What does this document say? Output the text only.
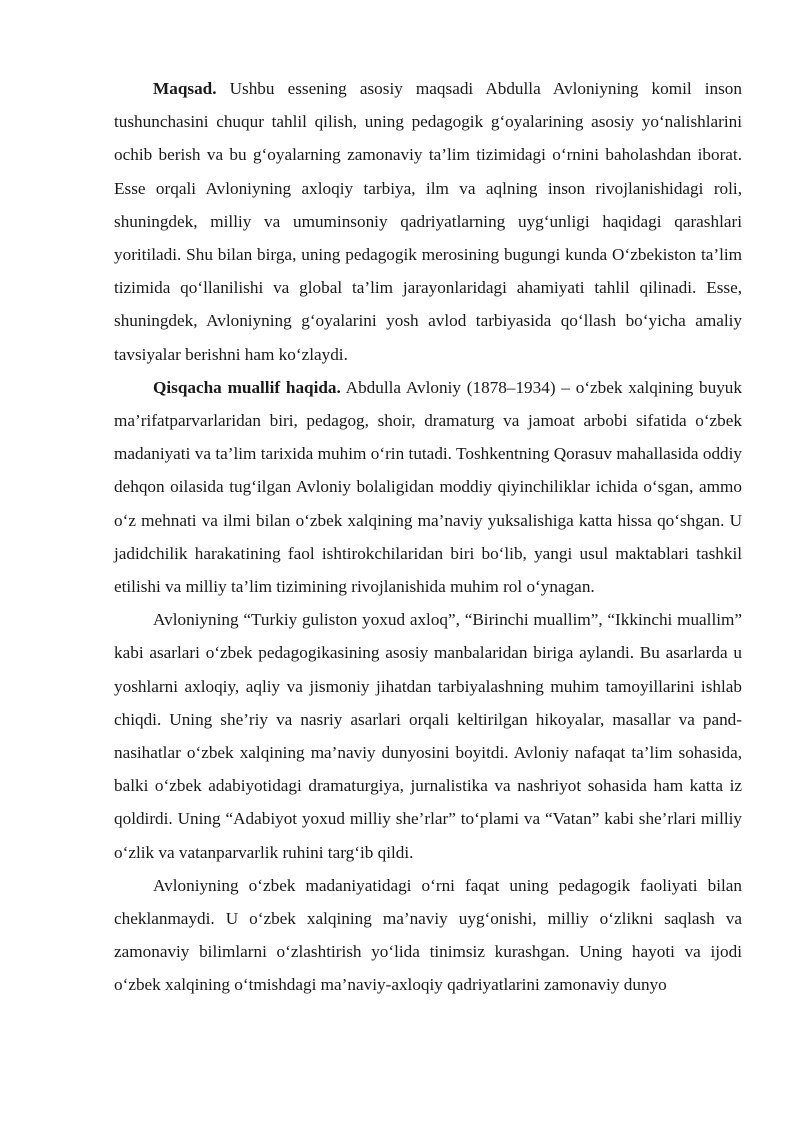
Maqsad. Ushbu essening asosiy maqsadi Abdulla Avloniyning komil inson tushunchasini chuqur tahlil qilish, uning pedagogik g‘oyalarining asosiy yo‘nalishlarini ochib berish va bu g‘oyalarning zamonaviy ta’lim tizimidagi o‘rnini baholashdan iborat. Esse orqali Avloniyning axloqiy tarbiya, ilm va aqlning inson rivojlanishidagi roli, shuningdek, milliy va umuminsoniy qadriyatlarning uyg‘unligi haqidagi qarashlari yoritiladi. Shu bilan birga, uning pedagogik merosining bugungi kunda O‘zbekiston ta’lim tizimida qo‘llanilishi va global ta’lim jarayonlaridagi ahamiyati tahlil qilinadi. Esse, shuningdek, Avloniyning g‘oyalarini yosh avlod tarbiyasida qo‘llash bo‘yicha amaliy tavsiyalar berishni ham ko‘zlaydi.

Qisqacha muallif haqida. Abdulla Avloniy (1878–1934) – o‘zbek xalqining buyuk ma’rifatparvarlaridan biri, pedagog, shoir, dramaturg va jamoat arbobi sifatida o‘zbek madaniyati va ta’lim tarixida muhim o‘rin tutadi. Toshkentning Qorasuv mahallasida oddiy dehqon oilasida tug‘ilgan Avloniy bolaligidan moddiy qiyinchiliklar ichida o‘sgan, ammo o‘z mehnati va ilmi bilan o‘zbek xalqining ma’naviy yuksalishiga katta hissa qo‘shgan. U jadidchilik harakatining faol ishtirokchilaridan biri bo‘lib, yangi usul maktablari tashkil etilishi va milliy ta’lim tizimining rivojlanishida muhim rol o‘ynagan.

Avloniyning “Turkiy guliston yoxud axloq”, “Birinchi muallim”, “Ikkinchi muallim” kabi asarlari o‘zbek pedagogikasining asosiy manbalaridan biriga aylandi. Bu asarlarda u yoshlarni axloqiy, aqliy va jismoniy jihatdan tarbiyalashning muhim tamoyillarini ishlab chiqdi. Uning she’riy va nasriy asarlari orqali keltirilgan hikoyalar, masallar va pand-nasihatlar o‘zbek xalqining ma’naviy dunyosini boyitdi. Avloniy nafaqat ta’lim sohasida, balki o‘zbek adabiyotidagi dramaturgiya, jurnalistika va nashriyot sohasida ham katta iz qoldirdi. Uning “Adabiyot yoxud milliy she’rlar” to‘plami va “Vatan” kabi she’rlari milliy o‘zlik va vatanparvarlik ruhini targ‘ib qildi.

Avloniyning o‘zbek madaniyatidagi o‘rni faqat uning pedagogik faoliyati bilan cheklanmaydi. U o‘zbek xalqining ma’naviy uyg‘onishi, milliy o‘zlikni saqlash va zamonaviy bilimlarni o‘zlashtirish yo‘lida tinimsiz kurashgan. Uning hayoti va ijodi o‘zbek xalqining o‘tmishdagi ma’naviy-axloqiy qadriyatlarini zamonaviy dunyo
